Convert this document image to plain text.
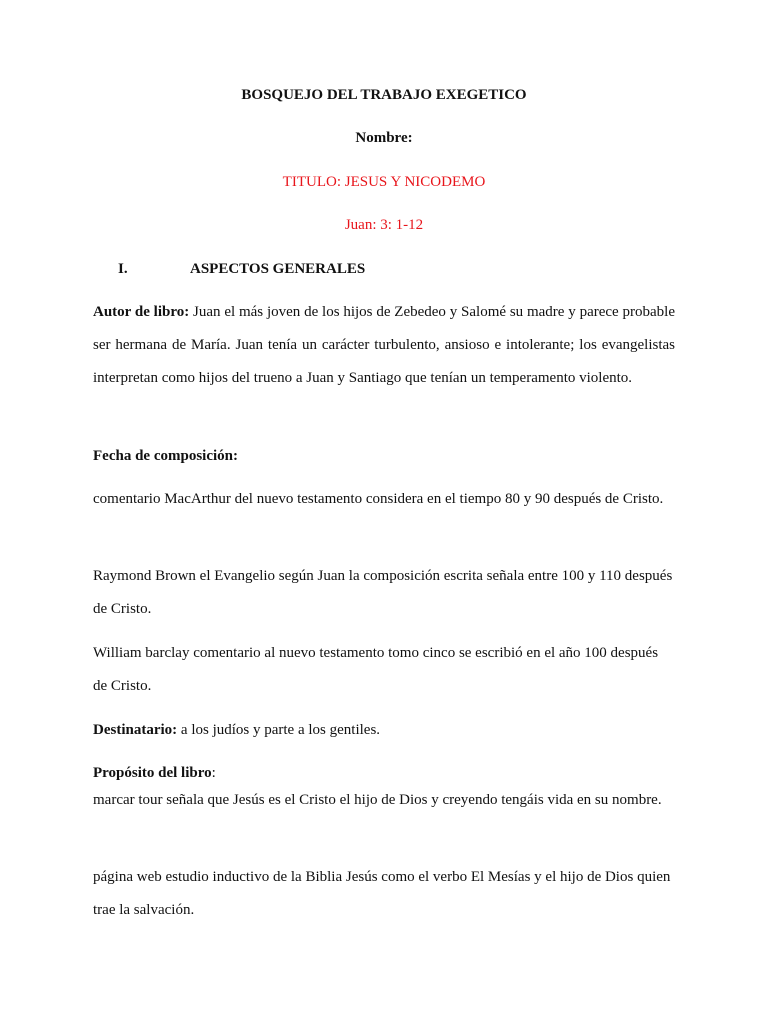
BOSQUEJO DEL TRABAJO EXEGETICO

Nombre:

TITULO: JESUS Y NICODEMO

Juan: 3: 1-12

I.	ASPECTOS GENERALES

Autor de libro: Juan el más joven de los hijos de Zebedeo y Salomé su madre y parece probable ser hermana de María. Juan tenía un carácter turbulento, ansioso e intolerante; los evangelistas interpretan como hijos del trueno a Juan y Santiago que tenían un temperamento violento.

Fecha de composición:

comentario MacArthur del nuevo testamento considera en el tiempo 80 y 90 después de Cristo.

Raymond Brown el Evangelio según Juan la composición escrita señala entre 100 y 110 después de Cristo.

William barclay comentario al nuevo testamento tomo cinco se escribió en el año 100 después de Cristo.

Destinatario: a los judíos y parte a los gentiles.

Propósito del libro:

marcar tour señala que Jesús es el Cristo el hijo de Dios y creyendo tengáis vida en su nombre.

página web estudio inductivo de la Biblia Jesús como el verbo El Mesías y el hijo de Dios quien trae la salvación.
